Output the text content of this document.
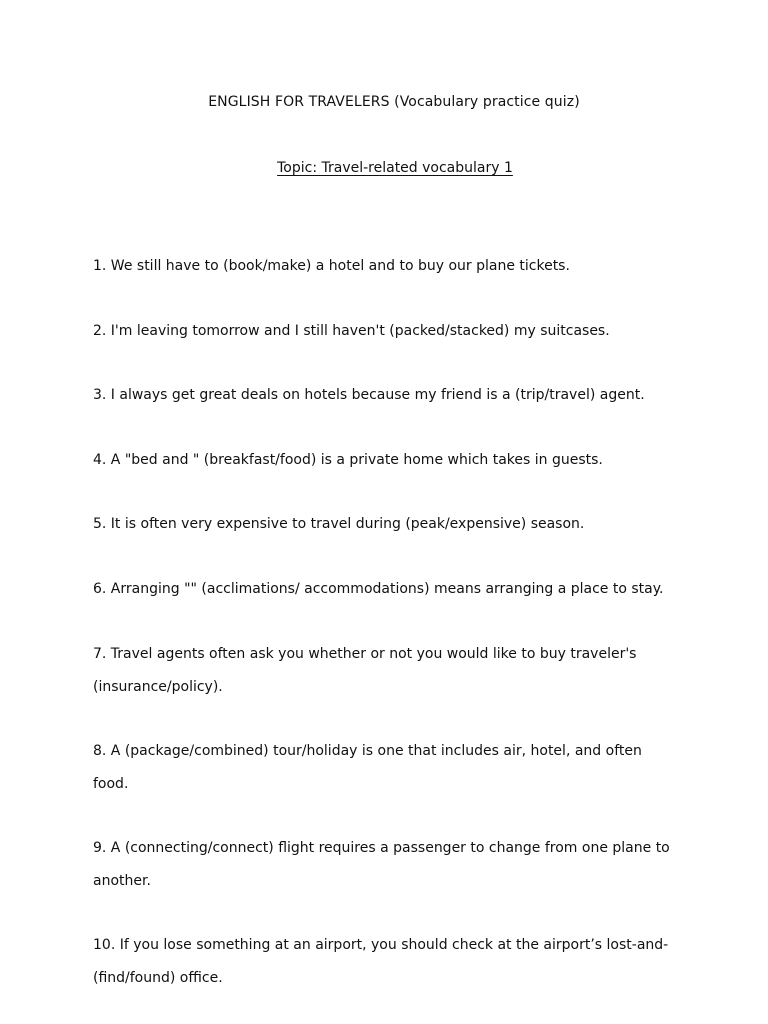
ENGLISH FOR TRAVELERS (Vocabulary practice quiz)
Topic: Travel-related vocabulary 1
1. We still have to (book/make) a hotel and to buy our plane tickets.
2. I'm leaving tomorrow and I still haven't (packed/stacked) my suitcases.
3. I always get great deals on hotels because my friend is a (trip/travel) agent.
4. A "bed and " (breakfast/food) is a private home which takes in guests.
5. It is often very expensive to travel during (peak/expensive) season.
6. Arranging "" (acclimations/ accommodations) means arranging a place to stay.
7. Travel agents often ask you whether or not you would like to buy traveler's
(insurance/policy).
8. A (package/combined) tour/holiday is one that includes air, hotel, and often
food.
9. A (connecting/connect) flight requires a passenger to change from one plane to
another.
10. If you lose something at an airport, you should check at the airport’s lost-and-
(find/found) office.
